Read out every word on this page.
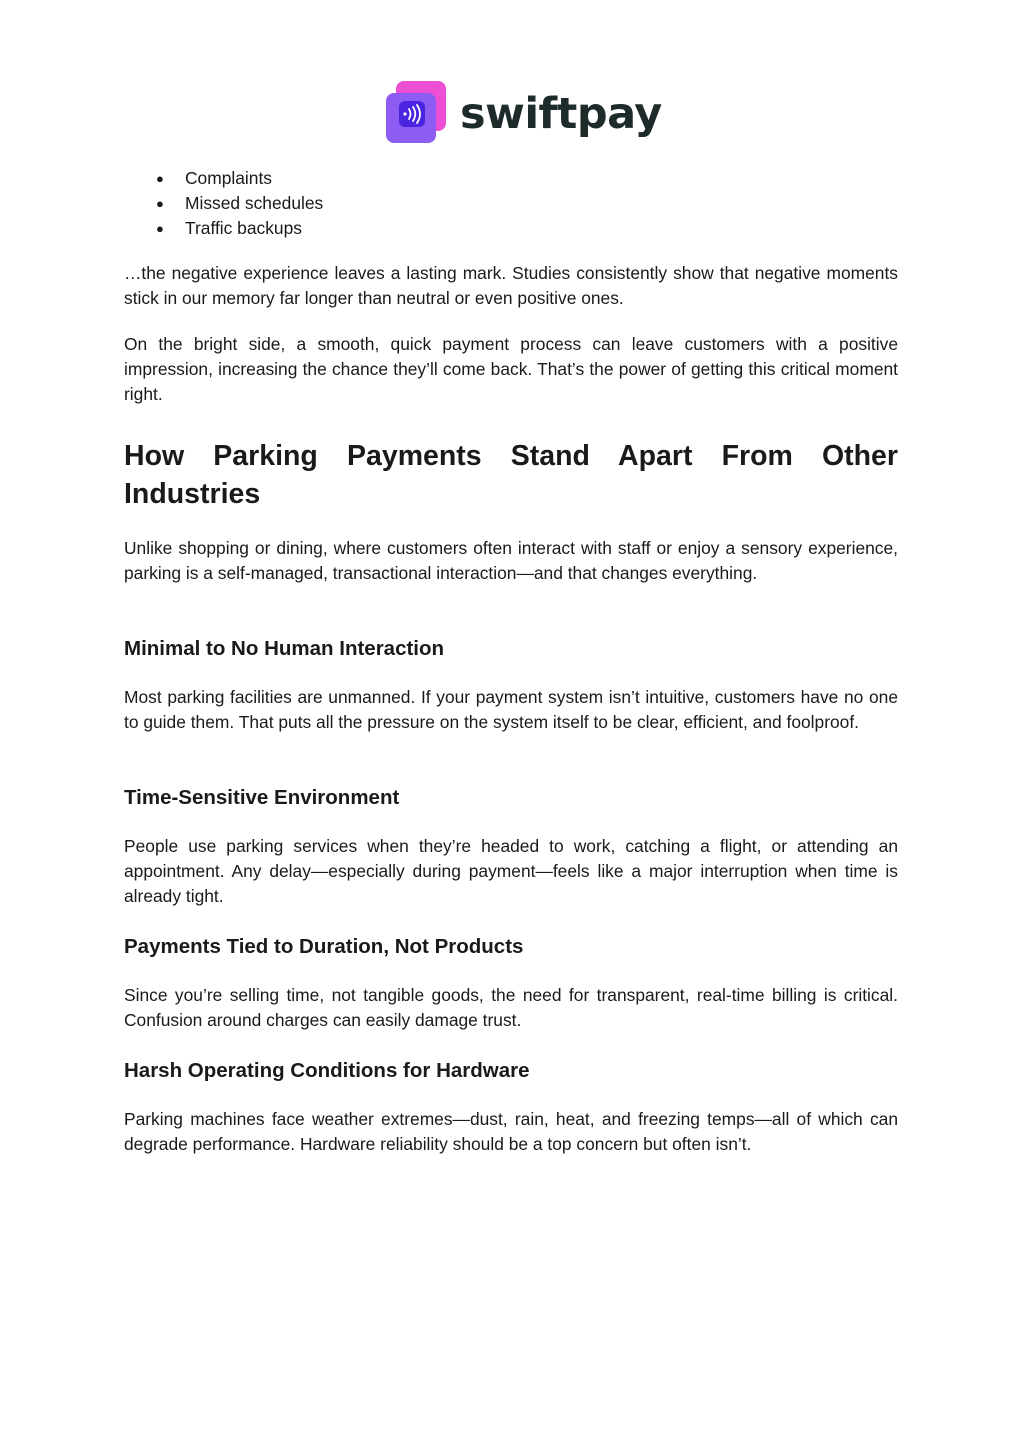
swiftpay
● Complaints
● Missed schedules
● Traffic backups

…the negative experience leaves a lasting mark. Studies consistently show that negative moments stick in our memory far longer than neutral or even positive ones.

On the bright side, a smooth, quick payment process can leave customers with a positive impression, increasing the chance they’ll come back. That’s the power of getting this critical moment right.

How Parking Payments Stand Apart From Other Industries

Unlike shopping or dining, where customers often interact with staff or enjoy a sensory experience, parking is a self-managed, transactional interaction—and that changes everything.

Minimal to No Human Interaction

Most parking facilities are unmanned. If your payment system isn’t intuitive, customers have no one to guide them. That puts all the pressure on the system itself to be clear, efficient, and foolproof.

Time-Sensitive Environment

People use parking services when they’re headed to work, catching a flight, or attending an appointment. Any delay—especially during payment—feels like a major interruption when time is already tight.

Payments Tied to Duration, Not Products

Since you’re selling time, not tangible goods, the need for transparent, real-time billing is critical. Confusion around charges can easily damage trust.

Harsh Operating Conditions for Hardware

Parking machines face weather extremes—dust, rain, heat, and freezing temps—all of which can degrade performance. Hardware reliability should be a top concern but often isn’t.
